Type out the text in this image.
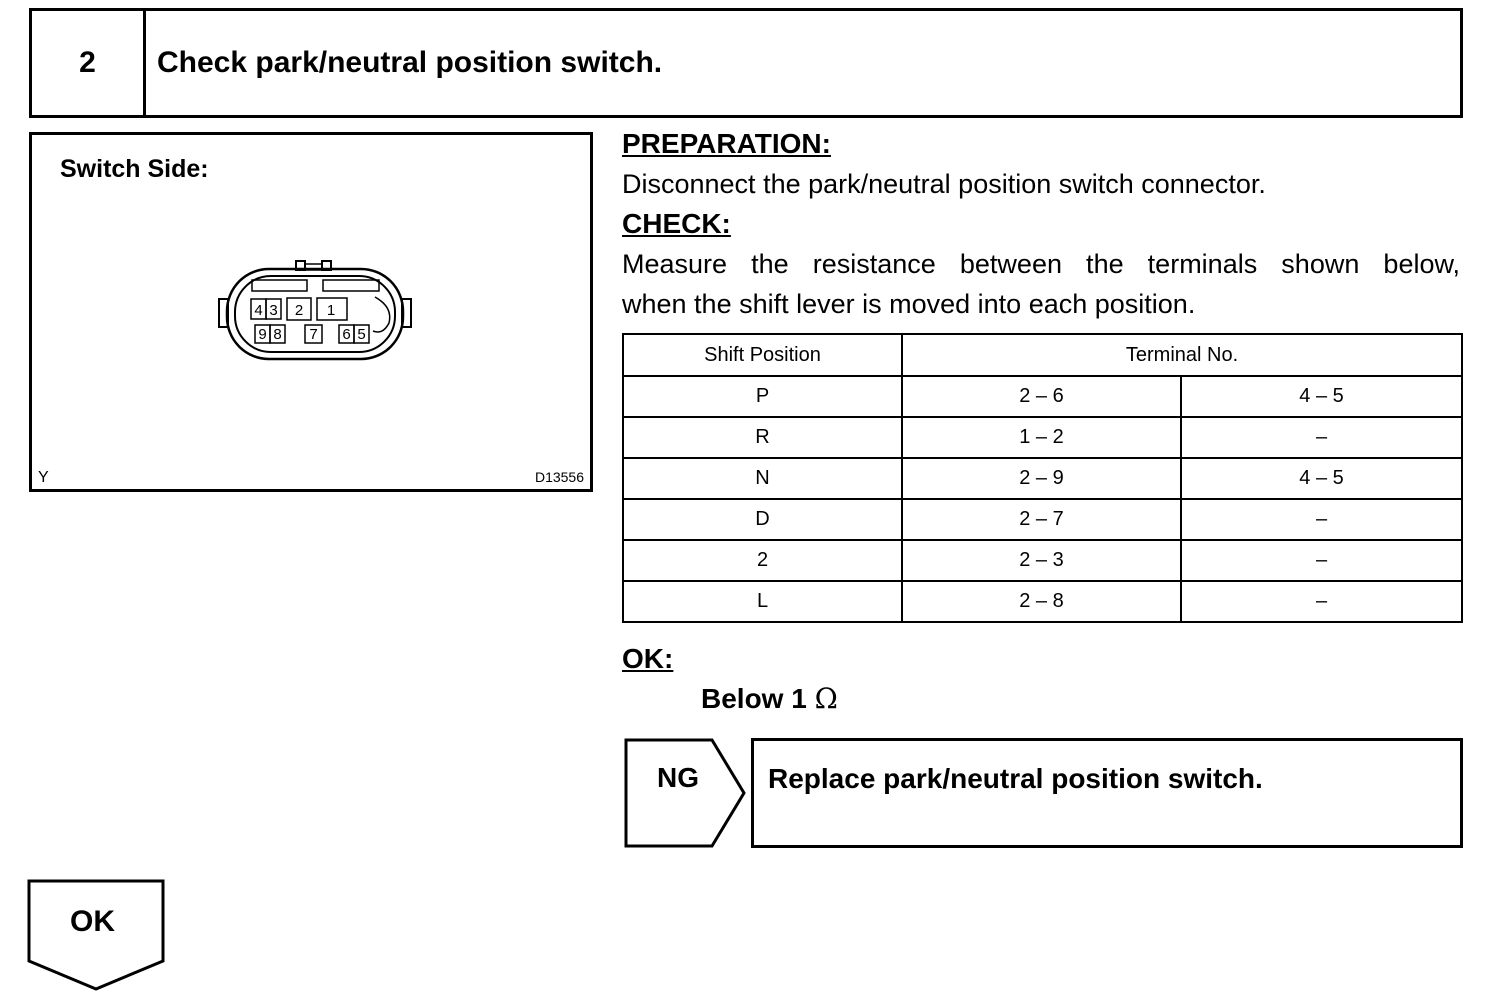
2	Check park/neutral position switch.
Switch Side:
4 3 2 1
9 8 7 6 5
Y	D13556
PREPARATION:
Disconnect the park/neutral position switch connector.
CHECK:
Measure the resistance between the terminals shown below,
when the shift lever is moved into each position.
Shift Position	Terminal No.	
P	2 – 6	4 – 5
R	1 – 2	–
N	2 – 9	4 – 5
D	2 – 7	–
2	2 – 3	–
L	2 – 8	–
OK:
Below 1 Ω
NG Replace park/neutral position switch.
OK
